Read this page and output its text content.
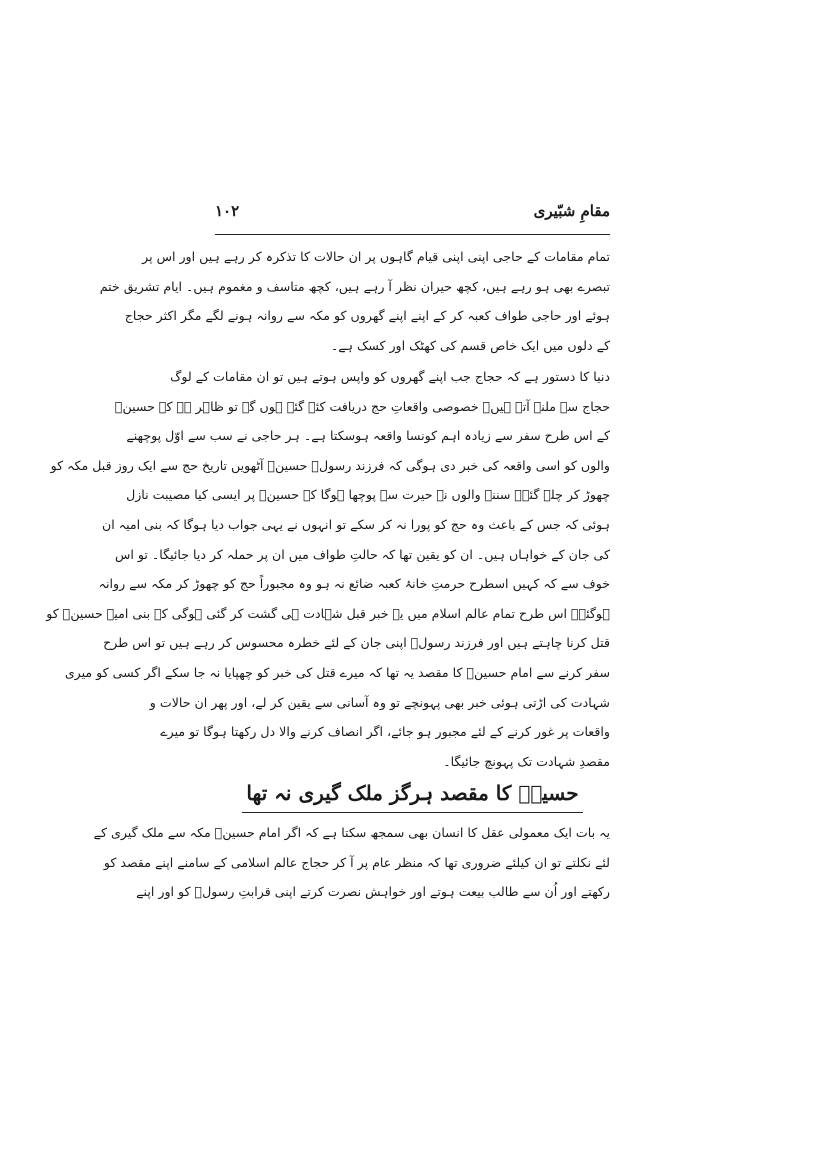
مقامِ شبّیری
۱۰۲
تمام مقامات کے حاجی اپنی اپنی قیام گاہوں پر ان حالات کا تذکرہ کر رہے ہیں اور اس پر
تبصرے بھی ہو رہے ہیں، کچھ حیران نظر آ رہے ہیں، کچھ متاسف و مغموم ہیں۔ ایام تشریق ختم
ہوئے اور حاجی طواف کعبہ کر کے اپنے اپنے گھروں کو مکہ سے روانہ ہونے لگے مگر اکثر حجاج
کے دلوں میں ایک خاص قسم کی کھٹک اور کسک ہے۔
دنیا کا دستور ہے کہ حجاج جب اپنے گھروں کو واپس ہوتے ہیں تو ان مقامات کے لوگ
حجاج سے ملنے آتے ہیں۔ خصوصی واقعاتِ حج دریافت کئے گئے ہوں گے تو ظاہر ہے کہ حسینؑ
کے اس طرح سفر سے زیادہ اہم کونسا واقعہ ہوسکتا ہے۔ ہر حاجی نے سب سے اوّل پوچھنے
والوں کو اسی واقعہ کی خبر دی ہوگی کہ فرزند رسولؐ حسینؑ آٹھویں تاریخ حج سے ایک روز قبل مکہ کو
چھوڑ کر چلے گئے۔ سننے والوں نے حیرت سے پوچھا ہوگا کہ حسینؑ پر ایسی کیا مصیبت نازل
ہوئی کہ جس کے باعث وہ حج کو پورا نہ کر سکے تو انہوں نے یہی جواب دیا ہوگا کہ بنی امیہ ان
کی جان کے خواہاں ہیں۔ ان کو یقین تھا کہ حالتِ طواف میں ان پر حملہ کر دیا جائیگا۔ تو اس
خوف سے کہ کہیں اسطرح حرمتِ خانۂ کعبہ ضائع نہ ہو وہ مجبوراً حج کو چھوڑ کر مکہ سے روانہ
ہوگئے۔ اس طرح تمام عالم اسلام میں یہ خبر قبل شہادت ہی گشت کر گئی ہوگی کہ بنی امیہ حسینؑ کو
قتل کرنا چاہتے ہیں اور فرزند رسولؐ اپنی جان کے لئے خطرہ محسوس کر رہے ہیں تو اس طرح
سفر کرنے سے امام حسینؑ کا مقصد یہ تھا کہ میرے قتل کی خبر کو چھپایا نہ جا سکے اگر کسی کو میری
شہادت کی اڑتی ہوئی خبر بھی پہونچے تو وہ آسانی سے یقین کر لے، اور پھر ان حالات و
واقعات پر غور کرنے کے لئے مجبور ہو جائے، اگر انصاف کرنے والا دل رکھتا ہوگا تو میرے
مقصدِ شہادت تک پہونچ جائیگا۔
حسینؑ کا مقصد ہرگز ملک گیری نہ تھا
یہ بات ایک معمولی عقل کا انسان بھی سمجھ سکتا ہے کہ اگر امام حسینؑ مکہ سے ملک گیری کے
لئے نکلتے تو ان کیلئے ضروری تھا کہ منظر عام پر آ کر حجاج عالم اسلامی کے سامنے اپنے مقصد کو
رکھتے اور اُن سے طالب بیعت ہوتے اور خواہش نصرت کرتے اپنی قرابتِ رسولؐ کو اور اپنے
